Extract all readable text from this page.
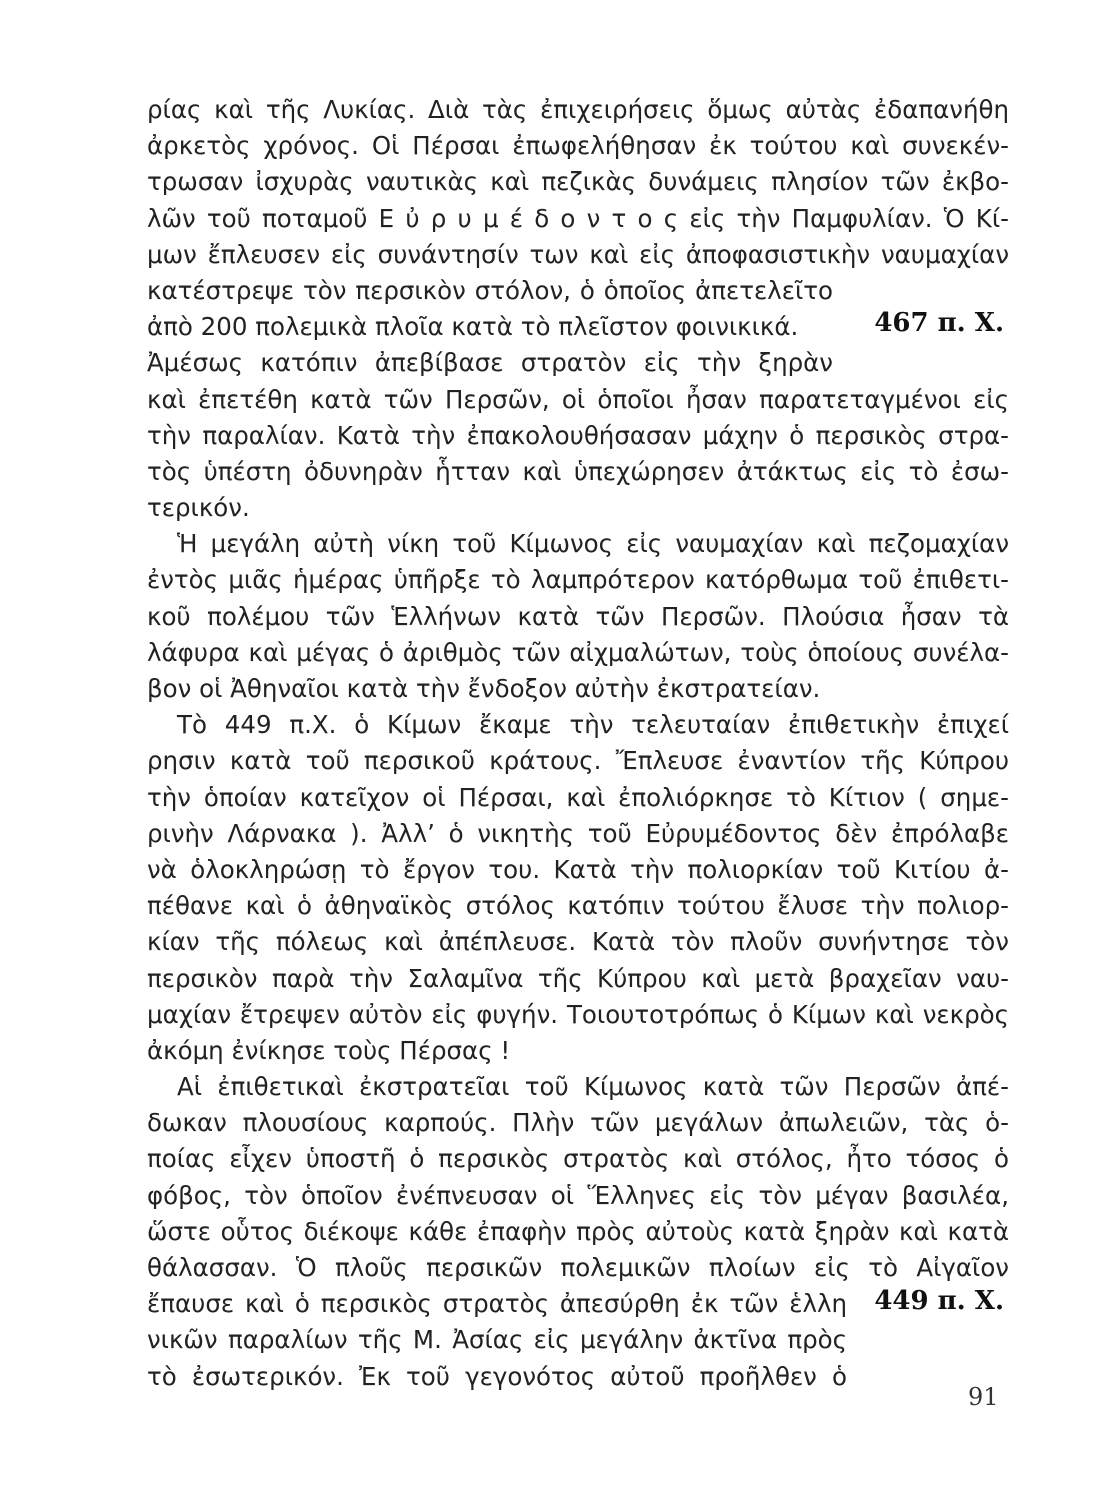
ρίας καὶ τῆς Λυκίας. Διὰ τὰς ἐπιχειρήσεις ὅμως αὐτὰς ἐδαπανήθη
ἀρκετὸς χρόνος. Οἱ Πέρσαι ἐπωφελήθησαν ἐκ τούτου καὶ συνεκέν-
τρωσαν ἰσχυρὰς ναυτικὰς καὶ πεζικὰς δυνάμεις πλησίον τῶν ἐκβο-
λῶν τοῦ ποταμοῦ Ε ὐ ρ υ μ έ δ ο ν τ ο ς εἰς τὴν Παμφυλίαν. Ὁ Κί-
μων ἔπλευσεν εἰς συνάντησίν των καὶ εἰς ἀποφασιστικὴν ναυμαχίαν
κατέστρεψε τὸν περσικὸν στόλον, ὁ ὁποῖος ἀπετελεῖτο
ἀπὸ 200 πολεμικὰ πλοῖα κατὰ τὸ πλεῖστον φοινικικά.
Ἀμέσως κατόπιν ἀπεβίβασε στρατὸν εἰς τὴν ξηρὰν
καὶ ἐπετέθη κατὰ τῶν Περσῶν, οἱ ὁποῖοι ἦσαν παρατεταγμένοι εἰς
τὴν παραλίαν. Κατὰ τὴν ἐπακολουθήσασαν μάχην ὁ περσικὸς στρα-
τὸς ὑπέστη ὀδυνηρὰν ἧτταν καὶ ὑπεχώρησεν ἀτάκτως εἰς τὸ ἐσω-
τερικόν.
Ἡ μεγάλη αὐτὴ νίκη τοῦ Κίμωνος εἰς ναυμαχίαν καὶ πεζομαχίαν
ἐντὸς μιᾶς ἡμέρας ὑπῆρξε τὸ λαμπρότερον κατόρθωμα τοῦ ἐπιθετι-
κοῦ πολέμου τῶν Ἑλλήνων κατὰ τῶν Περσῶν. Πλούσια ἦσαν τὰ
λάφυρα καὶ μέγας ὁ ἀριθμὸς τῶν αἰχμαλώτων, τοὺς ὁποίους συνέλα-
βον οἱ Ἀθηναῖοι κατὰ τὴν ἔνδοξον αὐτὴν ἐκστρατείαν.
Τὸ 449 π.Χ. ὁ Κίμων ἔκαμε τὴν τελευταίαν ἐπιθετικὴν ἐπιχεί
ρησιν κατὰ τοῦ περσικοῦ κράτους. Ἔπλευσε ἐναντίον τῆς Κύπρου
τὴν ὁποίαν κατεῖχον οἱ Πέρσαι, καὶ ἐπολιόρκησε τὸ Κίτιον ( σημε-
ρινὴν Λάρνακα ). Ἀλλ’ ὁ νικητὴς τοῦ Εὐρυμέδοντος δὲν ἐπρόλαβε
νὰ ὁλοκληρώσῃ τὸ ἔργον του. Κατὰ τὴν πολιορκίαν τοῦ Κιτίου ἀ-
πέθανε καὶ ὁ ἀθηναϊκὸς στόλος κατόπιν τούτου ἔλυσε τὴν πολιορ-
κίαν τῆς πόλεως καὶ ἀπέπλευσε. Κατὰ τὸν πλοῦν συνήντησε τὸν
περσικὸν παρὰ τὴν Σαλαμῖνα τῆς Κύπρου καὶ μετὰ βραχεῖαν ναυ-
μαχίαν ἔτρεψεν αὐτὸν εἰς φυγήν. Τοιουτοτρόπως ὁ Κίμων καὶ νεκρὸς
ἀκόμη ἐνίκησε τοὺς Πέρσας !
Αἱ ἐπιθετικαὶ ἐκστρατεῖαι τοῦ Κίμωνος κατὰ τῶν Περσῶν ἀπέ-
δωκαν πλουσίους καρπούς. Πλὴν τῶν μεγάλων ἀπωλειῶν, τὰς ὁ-
ποίας εἶχεν ὑποστῆ ὁ περσικὸς στρατὸς καὶ στόλος, ἦτο τόσος ὁ
φόβος, τὸν ὁποῖον ἐνέπνευσαν οἱ Ἕλληνες εἰς τὸν μέγαν βασιλέα,
ὥστε οὗτος διέκοψε κάθε ἐπαφὴν πρὸς αὐτοὺς κατὰ ξηρὰν καὶ κατὰ
θάλασσαν. Ὁ πλοῦς περσικῶν πολεμικῶν πλοίων εἰς τὸ Αἰγαῖον
ἔπαυσε καὶ ὁ περσικὸς στρατὸς ἀπεσύρθη ἐκ τῶν ἑλλη
νικῶν παραλίων τῆς Μ. Ἀσίας εἰς μεγάλην ἀκτῖνα πρὸς
τὸ ἐσωτερικόν. Ἐκ τοῦ γεγονότος αὐτοῦ προῆλθεν ὁ
467 π. Χ.
449 π. Χ.
91
